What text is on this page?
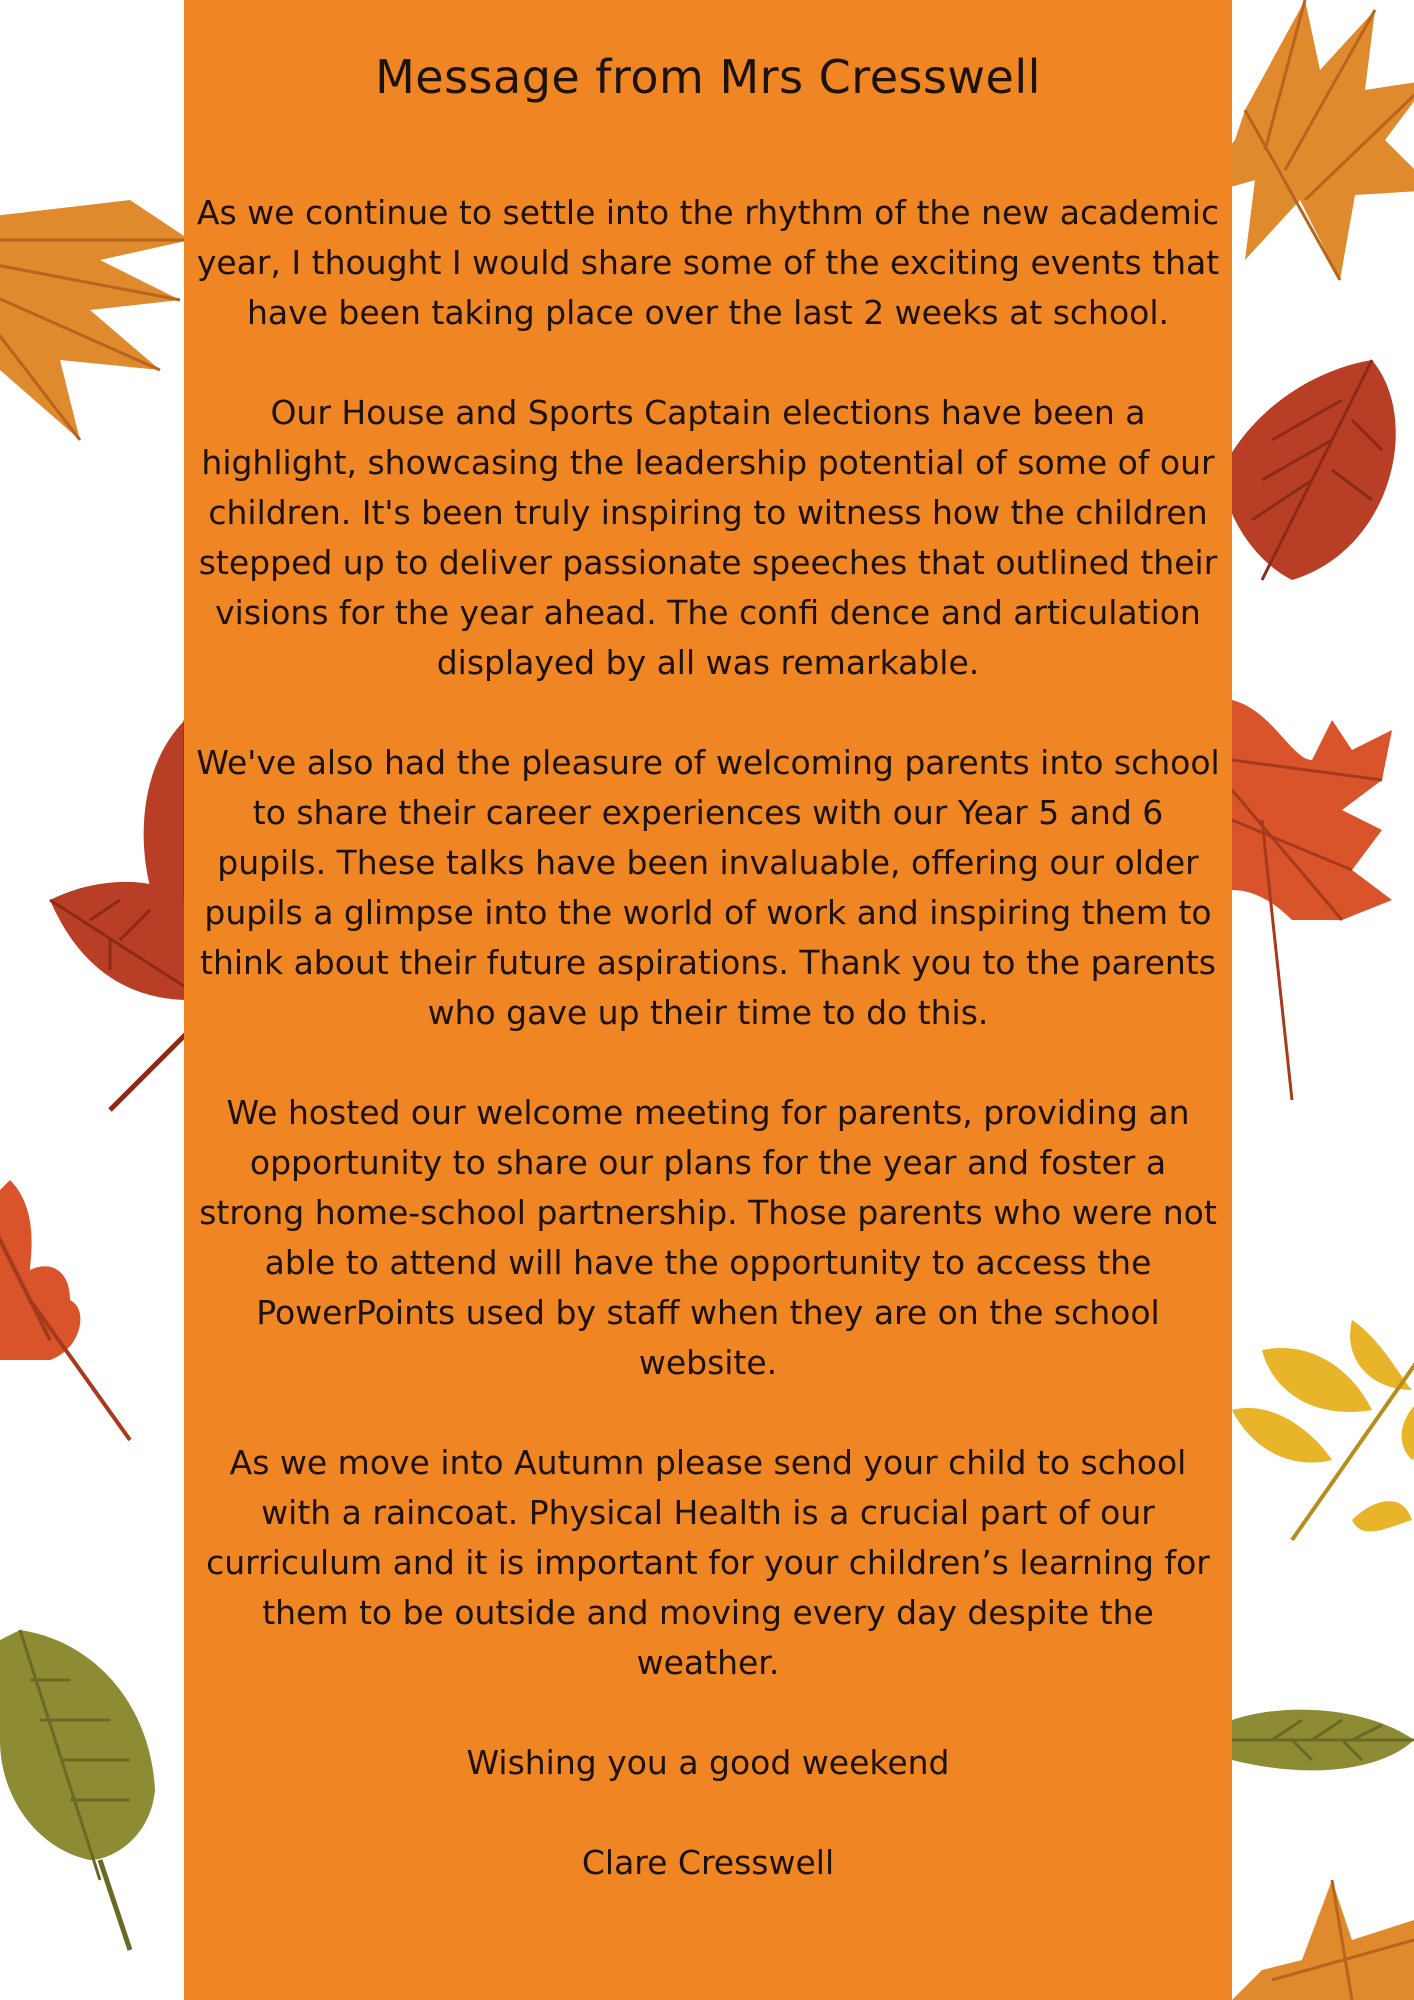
Message from Mrs Cresswell

As we continue to settle into the rhythm of the new academic year, I thought I would share some of the exciting events that have been taking place over the last 2 weeks at school.

Our House and Sports Captain elections have been a highlight, showcasing the leadership potential of some of our children. It's been truly inspiring to witness how the children stepped up to deliver passionate speeches that outlined their visions for the year ahead. The confi dence and articulation displayed by all was remarkable.

We've also had the pleasure of welcoming parents into school to share their career experiences with our Year 5 and 6 pupils. These talks have been invaluable, offering our older pupils a glimpse into the world of work and inspiring them to think about their future aspirations. Thank you to the parents who gave up their time to do this.

We hosted our welcome meeting for parents, providing an opportunity to share our plans for the year and foster a strong home-school partnership. Those parents who were not able to attend will have the opportunity to access the PowerPoints used by staff when they are on the school website.

As we move into Autumn please send your child to school with a raincoat. Physical Health is a crucial part of our curriculum and it is important for your children’s learning for them to be outside and moving every day despite the weather.

Wishing you a good weekend

Clare Cresswell
